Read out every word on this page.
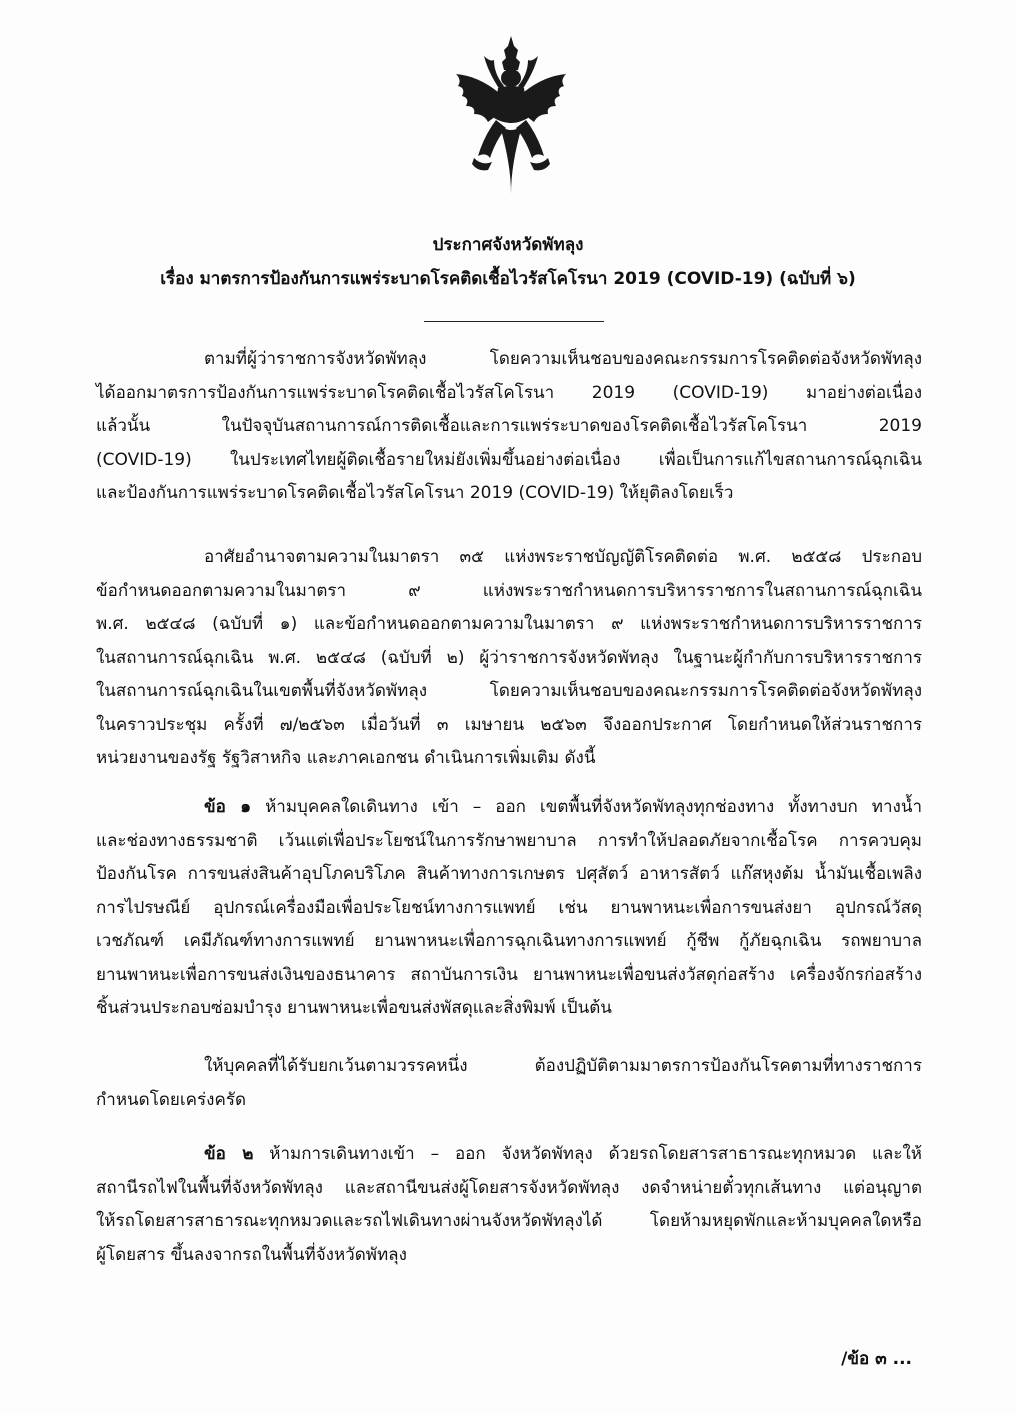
ประกาศจังหวัดพัทลุง
เรื่อง มาตรการป้องกันการแพร่ระบาดโรคติดเชื้อไวรัสโคโรนา 2019 (COVID-19) (ฉบับที่ ๖)
ตามที่ผู้ว่าราชการจังหวัดพัทลุง โดยความเห็นชอบของคณะกรรมการโรคติดต่อจังหวัดพัทลุง
ได้ออกมาตรการป้องกันการแพร่ระบาดโรคติดเชื้อไวรัสโคโรนา 2019 (COVID-19) มาอย่างต่อเนื่อง
แล้วนั้น ในปัจจุบันสถานการณ์การติดเชื้อและการแพร่ระบาดของโรคติดเชื้อไวรัสโคโรนา 2019
(COVID-19) ในประเทศไทยผู้ติดเชื้อรายใหม่ยังเพิ่มขึ้นอย่างต่อเนื่อง เพื่อเป็นการแก้ไขสถานการณ์ฉุกเฉิน
และป้องกันการแพร่ระบาดโรคติดเชื้อไวรัสโคโรนา 2019 (COVID-19) ให้ยุติลงโดยเร็ว
อาศัยอำนาจตามความในมาตรา ๓๕ แห่งพระราชบัญญัติโรคติดต่อ พ.ศ. ๒๕๕๘ ประกอบ
ข้อกำหนดออกตามความในมาตรา ๙ แห่งพระราชกำหนดการบริหารราชการในสถานการณ์ฉุกเฉิน
พ.ศ. ๒๕๔๘ (ฉบับที่ ๑) และข้อกำหนดออกตามความในมาตรา ๙ แห่งพระราชกำหนดการบริหารราชการ
ในสถานการณ์ฉุกเฉิน พ.ศ. ๒๕๔๘ (ฉบับที่ ๒) ผู้ว่าราชการจังหวัดพัทลุง ในฐานะผู้กำกับการบริหารราชการ
ในสถานการณ์ฉุกเฉินในเขตพื้นที่จังหวัดพัทลุง โดยความเห็นชอบของคณะกรรมการโรคติดต่อจังหวัดพัทลุง
ในคราวประชุม ครั้งที่ ๗/๒๕๖๓ เมื่อวันที่ ๓ เมษายน ๒๕๖๓ จึงออกประกาศ โดยกำหนดให้ส่วนราชการ
หน่วยงานของรัฐ รัฐวิสาหกิจ และภาคเอกชน ดำเนินการเพิ่มเติม ดังนี้
ข้อ ๑ ห้ามบุคคลใดเดินทาง เข้า – ออก เขตพื้นที่จังหวัดพัทลุงทุกช่องทาง ทั้งทางบก ทางน้ำ
และช่องทางธรรมชาติ เว้นแต่เพื่อประโยชน์ในการรักษาพยาบาล การทำให้ปลอดภัยจากเชื้อโรค การควบคุม
ป้องกันโรค การขนส่งสินค้าอุปโภคบริโภค สินค้าทางการเกษตร ปศุสัตว์ อาหารสัตว์ แก๊สหุงต้ม น้ำมันเชื้อเพลิง
การไปรษณีย์ อุปกรณ์เครื่องมือเพื่อประโยชน์ทางการแพทย์ เช่น ยานพาหนะเพื่อการขนส่งยา อุปกรณ์วัสดุ
เวชภัณฑ์ เคมีภัณฑ์ทางการแพทย์ ยานพาหนะเพื่อการฉุกเฉินทางการแพทย์ กู้ชีพ กู้ภัยฉุกเฉิน รถพยาบาล
ยานพาหนะเพื่อการขนส่งเงินของธนาคาร สถาบันการเงิน ยานพาหนะเพื่อขนส่งวัสดุก่อสร้าง เครื่องจักรก่อสร้าง
ชิ้นส่วนประกอบซ่อมบำรุง ยานพาหนะเพื่อขนส่งพัสดุและสิ่งพิมพ์ เป็นต้น
ให้บุคคลที่ได้รับยกเว้นตามวรรคหนึ่ง ต้องปฏิบัติตามมาตรการป้องกันโรคตามที่ทางราชการ
กำหนดโดยเคร่งครัด
ข้อ ๒ ห้ามการเดินทางเข้า – ออก จังหวัดพัทลุง ด้วยรถโดยสารสาธารณะทุกหมวด และให้
สถานีรถไฟในพื้นที่จังหวัดพัทลุง และสถานีขนส่งผู้โดยสารจังหวัดพัทลุง งดจำหน่ายตั๋วทุกเส้นทาง แต่อนุญาต
ให้รถโดยสารสาธารณะทุกหมวดและรถไฟเดินทางผ่านจังหวัดพัทลุงได้ โดยห้ามหยุดพักและห้ามบุคคลใดหรือ
ผู้โดยสาร ขึ้นลงจากรถในพื้นที่จังหวัดพัทลุง
/ข้อ ๓ ...
